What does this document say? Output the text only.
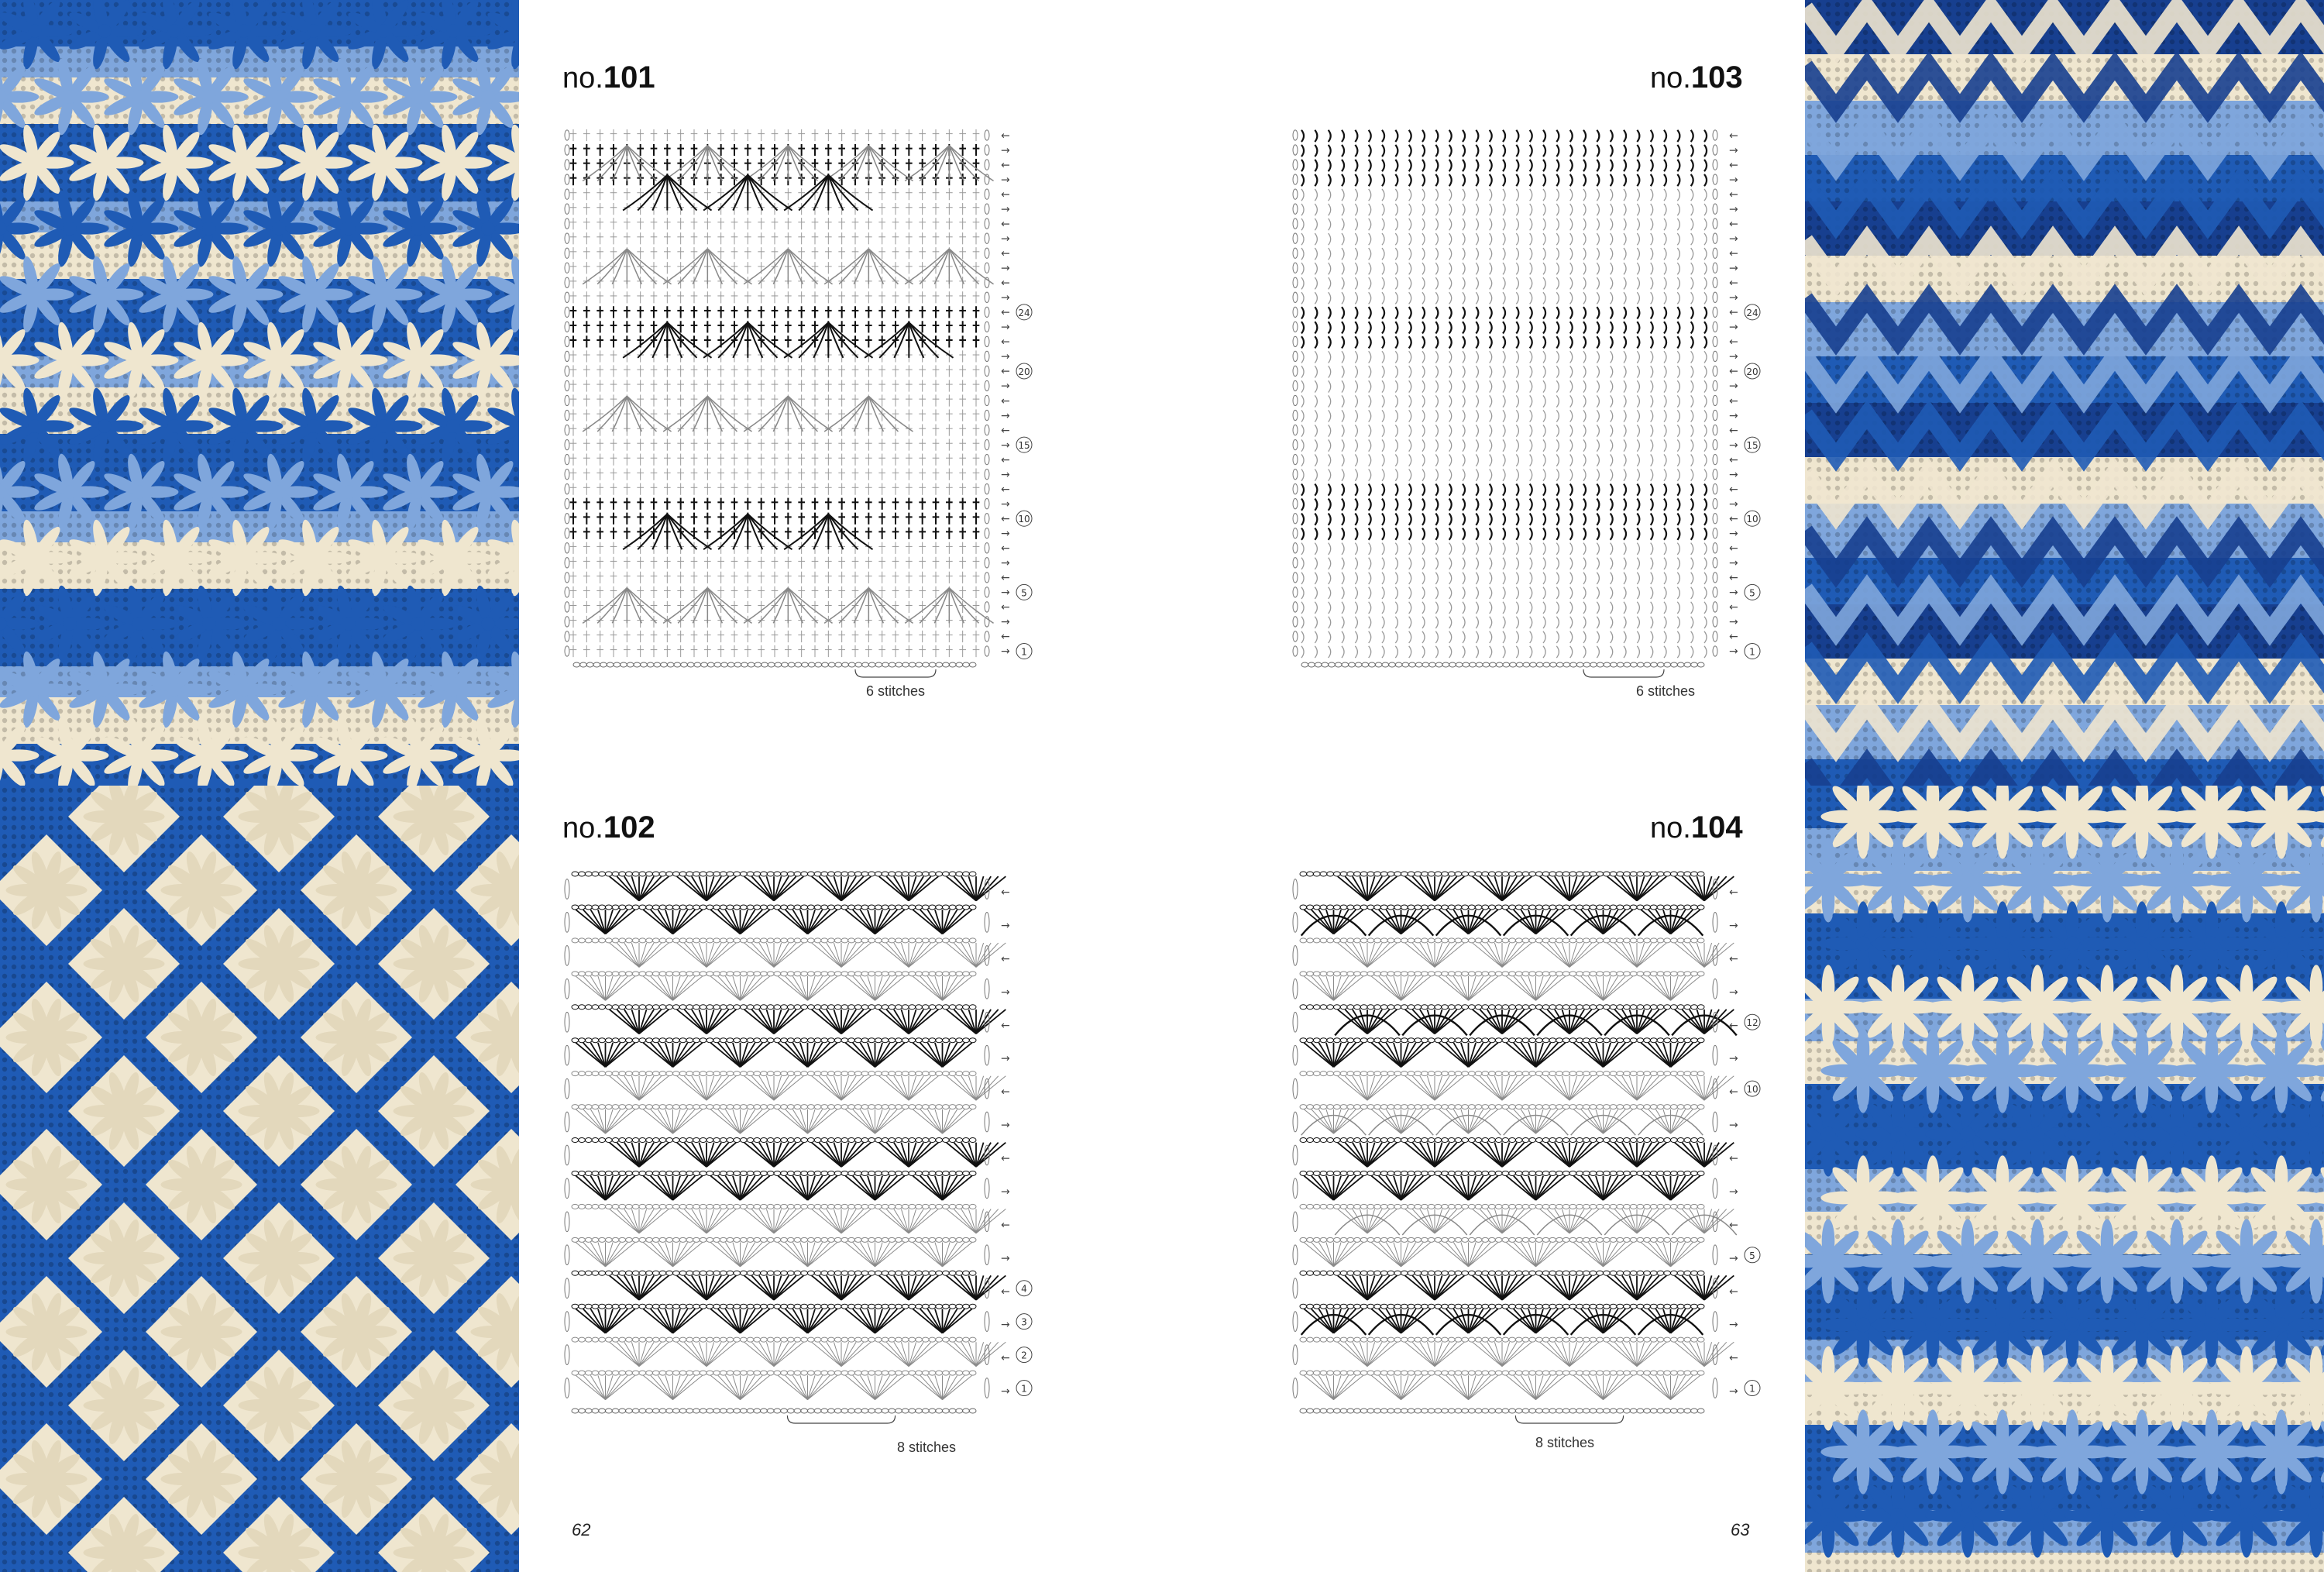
no.101
no.102
no.103
no.104
←
→
←
→
←
→
←
→
←
→
←
→
←
→
←
→
←
→
←
→
←
→
←
→
←
→
←
→
←
→
←
→
←
→
←
→
24
20
15
10
5
1
←
→
←
→
←
→
←
→
←
→
←
→
←
→
←
→
4
3
2
1
←
→
←
→
←
→
←
→
←
→
←
→
←
→
←
→
←
→
←
→
←
→
←
→
←
→
←
→
←
→
←
→
←
→
←
→
24
20
15
10
5
1
←
→
←
→
←
→
←
→
←
→
←
→
←
→
←
→
12
10
5
1
6 stitches
8 stitches
6 stitches
8 stitches
62	63
